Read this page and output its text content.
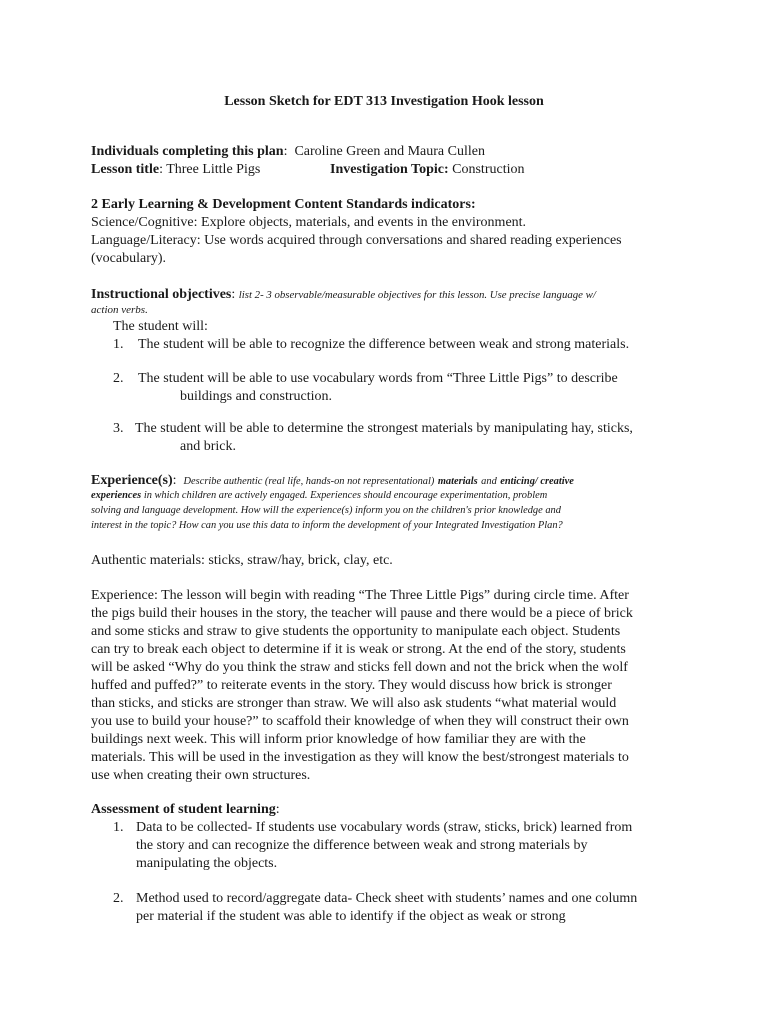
Lesson Sketch for EDT 313 Investigation Hook lesson
Individuals completing this plan: Caroline Green and Maura Cullen
Lesson title: Three Little Pigs	Investigation Topic: Construction
2 Early Learning & Development Content Standards indicators:
Science/Cognitive: Explore objects, materials, and events in the environment.
Language/Literacy: Use words acquired through conversations and shared reading experiences
(vocabulary).
Instructional objectives: list 2- 3 observable/measurable objectives for this lesson. Use precise language w/
action verbs.
The student will:
1. The student will be able to recognize the difference between weak and strong materials.
2. The student will be able to use vocabulary words from “Three Little Pigs” to describe
buildings and construction.
3. The student will be able to determine the strongest materials by manipulating hay, sticks,
and brick.
Experience(s): Describe authentic (real life, hands-on not representational) materials and enticing/ creative
experiences in which children are actively engaged. Experiences should encourage experimentation, problem
solving and language development. How will the experience(s) inform you on the children's prior knowledge and
interest in the topic? How can you use this data to inform the development of your Integrated Investigation Plan?
Authentic materials: sticks, straw/hay, brick, clay, etc.
Experience: The lesson will begin with reading “The Three Little Pigs” during circle time. After
the pigs build their houses in the story, the teacher will pause and there would be a piece of brick
and some sticks and straw to give students the opportunity to manipulate each object. Students
can try to break each object to determine if it is weak or strong. At the end of the story, students
will be asked “Why do you think the straw and sticks fell down and not the brick when the wolf
huffed and puffed?” to reiterate events in the story. They would discuss how brick is stronger
than sticks, and sticks are stronger than straw. We will also ask students “what material would
you use to build your house?” to scaffold their knowledge of when they will construct their own
buildings next week. This will inform prior knowledge of how familiar they are with the
materials. This will be used in the investigation as they will know the best/strongest materials to
use when creating their own structures.
Assessment of student learning:
1. Data to be collected- If students use vocabulary words (straw, sticks, brick) learned from
the story and can recognize the difference between weak and strong materials by
manipulating the objects.
2. Method used to record/aggregate data- Check sheet with students’ names and one column
per material if the student was able to identify if the object as weak or strong
